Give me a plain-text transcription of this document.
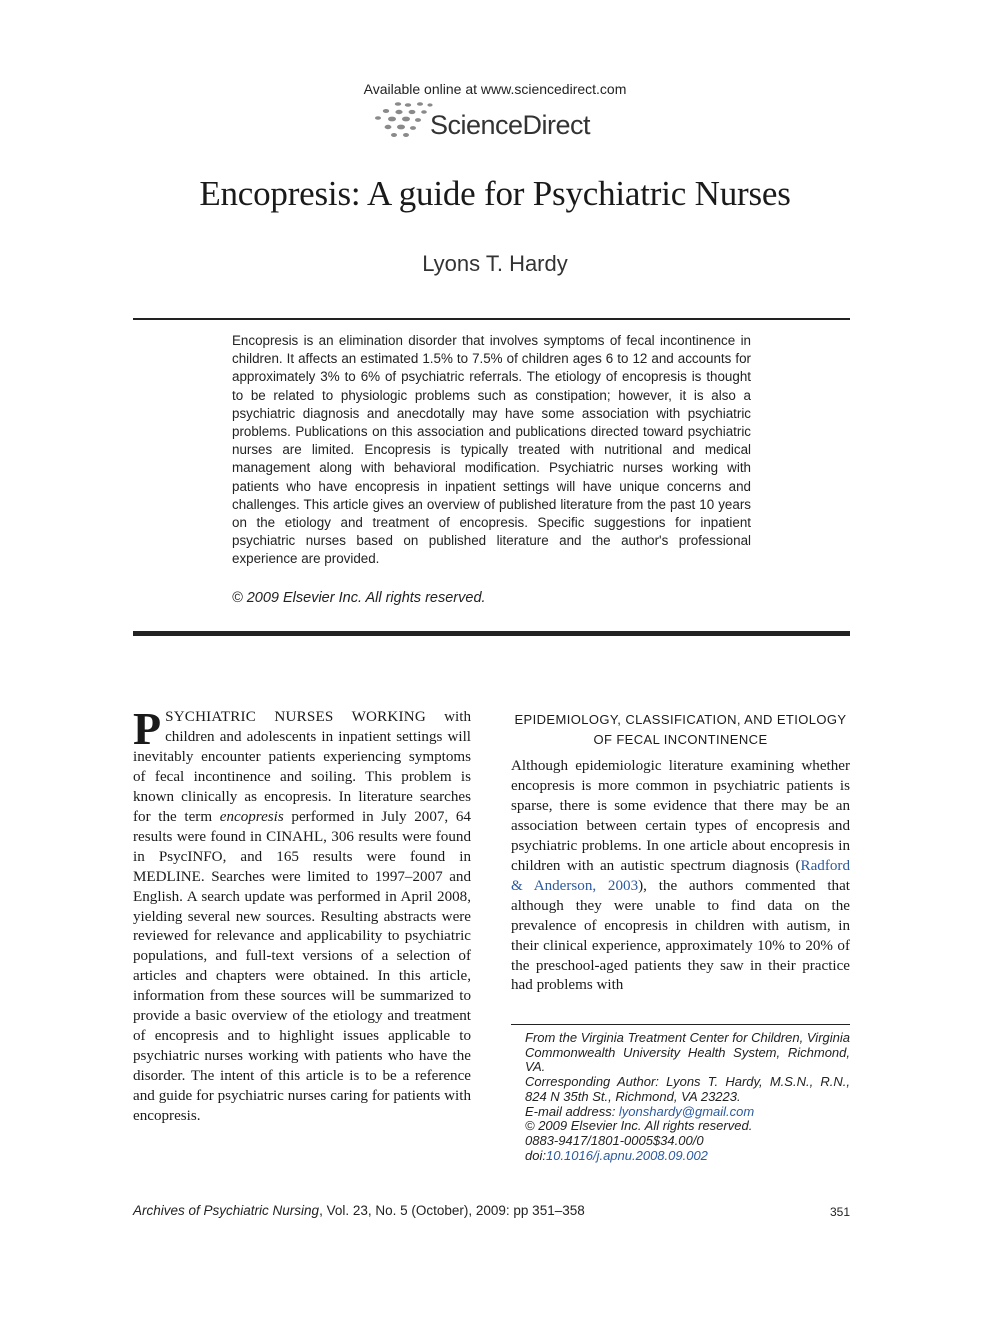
Available online at www.sciencedirect.com
ScienceDirect
Encopresis: A guide for Psychiatric Nurses
Lyons T. Hardy
Encopresis is an elimination disorder that involves symptoms of fecal incontinence in children. It affects an estimated 1.5% to 7.5% of children ages 6 to 12 and accounts for approximately 3% to 6% of psychiatric referrals. The etiology of encopresis is thought to be related to physiologic problems such as constipation; however, it is also a psychiatric diagnosis and anecdotally may have some association with psychiatric problems. Publications on this association and publications directed toward psychiatric nurses are limited. Encopresis is typically treated with nutritional and medical management along with behavioral modification. Psychiatric nurses working with patients who have encopresis in inpatient settings will have unique concerns and challenges. This article gives an overview of published literature from the past 10 years on the etiology and treatment of encopresis. Specific suggestions for inpatient psychiatric nurses based on published literature and the author's professional experience are provided.
© 2009 Elsevier Inc. All rights reserved.
PSYCHIATRIC NURSES WORKING with children and adolescents in inpatient settings will inevitably encounter patients experiencing symptoms of fecal incontinence and soiling. This problem is known clinically as encopresis. In literature searches for the term encopresis performed in July 2007, 64 results were found in CINAHL, 306 results were found in PsycINFO, and 165 results were found in MEDLINE. Searches were limited to 1997–2007 and English. A search update was performed in April 2008, yielding several new sources. Resulting abstracts were reviewed for relevance and applicability to psychiatric populations, and full-text versions of a selection of articles and chapters were obtained. In this article, information from these sources will be summarized to provide a basic overview of the etiology and treatment of encopresis and to highlight issues applicable to psychiatric nurses working with patients who have the disorder. The intent of this article is to be a reference and guide for psychiatric nurses caring for patients with encopresis.
EPIDEMIOLOGY, CLASSIFICATION, AND ETIOLOGY OF FECAL INCONTINENCE
Although epidemiologic literature examining whether encopresis is more common in psychiatric patients is sparse, there is some evidence that there may be an association between certain types of encopresis and psychiatric problems. In one article about encopresis in children with an autistic spectrum diagnosis (Radford & Anderson, 2003), the authors commented that although they were unable to find data on the prevalence of encopresis in children with autism, in their clinical experience, approximately 10% to 20% of the preschool-aged patients they saw in their practice had problems with
From the Virginia Treatment Center for Children, Virginia Commonwealth University Health System, Richmond, VA.
Corresponding Author: Lyons T. Hardy, M.S.N., R.N., 824 N 35th St., Richmond, VA 23223.
E-mail address: lyonshardy@gmail.com
© 2009 Elsevier Inc. All rights reserved.
0883-9417/1801-0005$34.00/0
doi:10.1016/j.apnu.2008.09.002
Archives of Psychiatric Nursing, Vol. 23, No. 5 (October), 2009: pp 351–358	351
